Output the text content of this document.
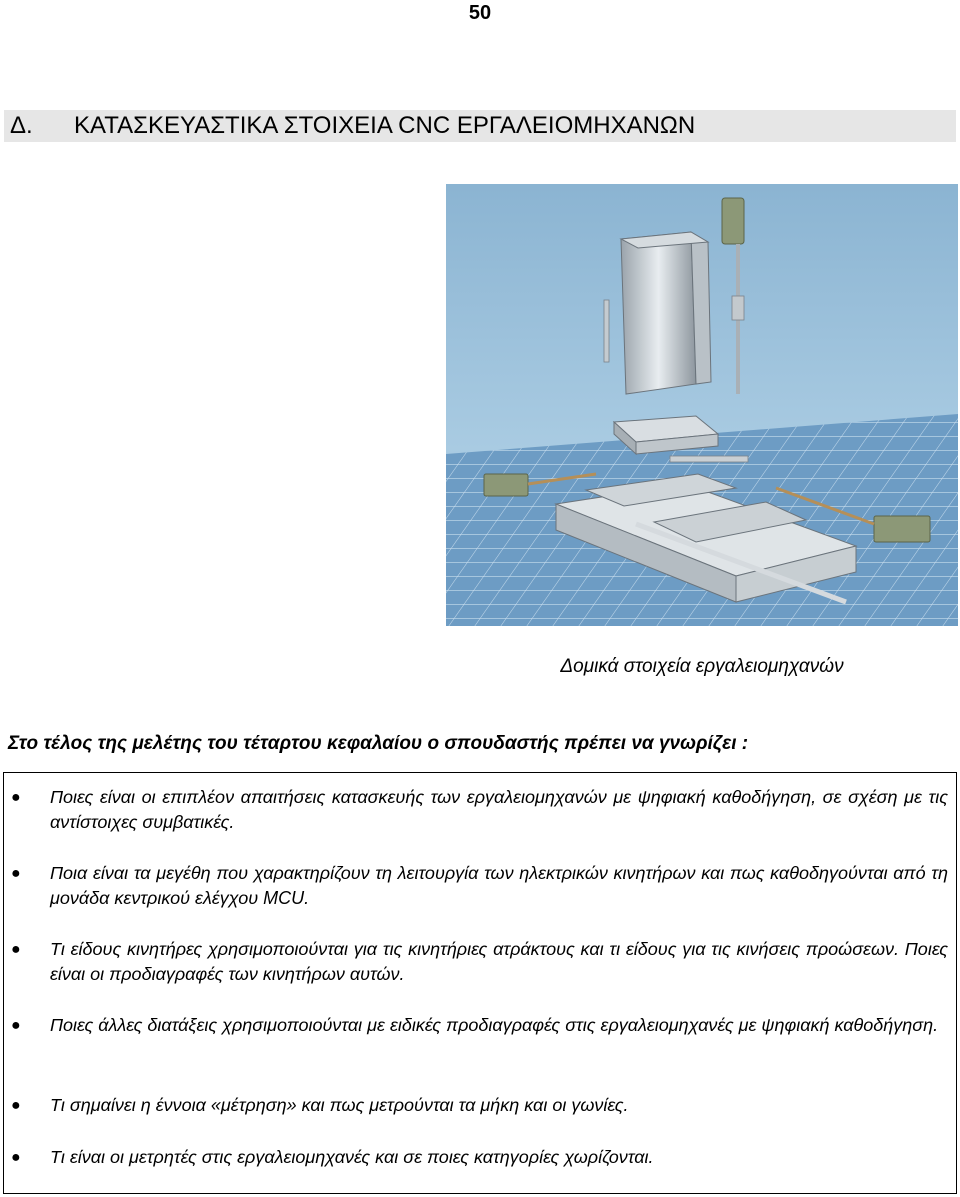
50
Δ.	ΚΑΤΑΣΚΕΥΑΣΤΙΚΑ ΣΤΟΙΧΕΙΑ CNC ΕΡΓΑΛΕΙΟΜΗΧΑΝΩΝ
Δομικά στοιχεία εργαλειομηχανών
Στο τέλος της μελέτης του τέταρτου κεφαλαίου ο σπουδαστής πρέπει να γνωρίζει :
● Ποιες είναι οι επιπλέον απαιτήσεις κατασκευής των εργαλειομηχανών με ψηφιακή καθοδήγηση, σε σχέση με τις αντίστοιχες συμβατικές.
● Ποια είναι τα μεγέθη που χαρακτηρίζουν τη λειτουργία των ηλεκτρικών κινητήρων και πως καθοδηγούνται από τη μονάδα κεντρικού ελέγχου MCU.
● Τι είδους κινητήρες χρησιμοποιούνται για τις κινητήριες ατράκτους και τι είδους για τις κινήσεις προώσεων. Ποιες είναι οι προδιαγραφές των κινητήρων αυτών.
● Ποιες άλλες διατάξεις χρησιμοποιούνται με ειδικές προδιαγραφές στις εργαλειομηχανές με ψηφιακή καθοδήγηση.
● Τι σημαίνει η έννοια «μέτρηση» και πως μετρούνται τα μήκη και οι γωνίες.
● Τι είναι οι μετρητές στις εργαλειομηχανές και σε ποιες κατηγορίες χωρίζονται.
